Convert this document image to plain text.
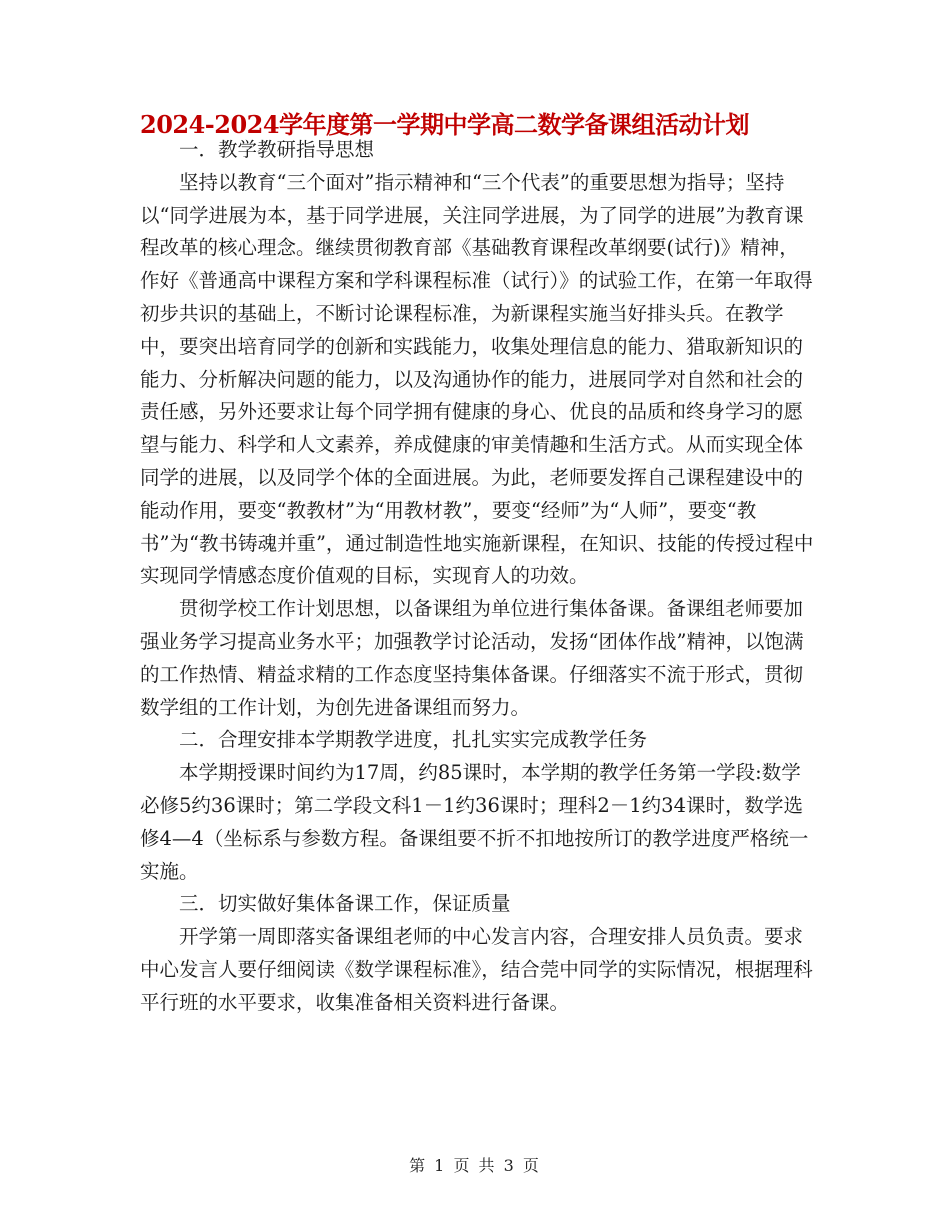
2024-2024学年度第一学期中学高二数学备课组活动计划

一．教学教研指导思想

坚持以教育“三个面对”指示精神和“三个代表”的重要思想为指导；坚持以“同学进展为本，基于同学进展，关注同学进展，为了同学的进展”为教育课程改革的核心理念。继续贯彻教育部《基础教育课程改革纲要(试行)》精神，作好《普通高中课程方案和学科课程标准（试行）》的试验工作，在第一年取得初步共识的基础上，不断讨论课程标准，为新课程实施当好排头兵。在教学中，要突出培育同学的创新和实践能力，收集处理信息的能力、猎取新知识的能力、分析解决问题的能力，以及沟通协作的能力，进展同学对自然和社会的责任感，另外还要求让每个同学拥有健康的身心、优良的品质和终身学习的愿望与能力、科学和人文素养，养成健康的审美情趣和生活方式。从而实现全体同学的进展，以及同学个体的全面进展。为此，老师要发挥自己课程建设中的能动作用，要变“教教材”为“用教材教”，要变“经师”为“人师”，要变“教书”为“教书铸魂并重”，通过制造性地实施新课程，在知识、技能的传授过程中实现同学情感态度价值观的目标，实现育人的功效。

贯彻学校工作计划思想，以备课组为单位进行集体备课。备课组老师要加强业务学习提高业务水平；加强教学讨论活动，发扬“团体作战”精神，以饱满的工作热情、精益求精的工作态度坚持集体备课。仔细落实不流于形式，贯彻数学组的工作计划，为创先进备课组而努力。

二．合理安排本学期教学进度，扎扎实实完成教学任务

本学期授课时间约为17周，约85课时，本学期的教学任务第一学段:数学必修5约36课时；第二学段文科1－1约36课时；理科2－1约34课时，数学选修4—4（坐标系与参数方程。备课组要不折不扣地按所订的教学进度严格统一实施。

三．切实做好集体备课工作，保证质量

开学第一周即落实备课组老师的中心发言内容，合理安排人员负责。要求中心发言人要仔细阅读《数学课程标准》，结合莞中同学的实际情况，根据理科平行班的水平要求，收集准备相关资料进行备课。

第 1 页 共 3 页
